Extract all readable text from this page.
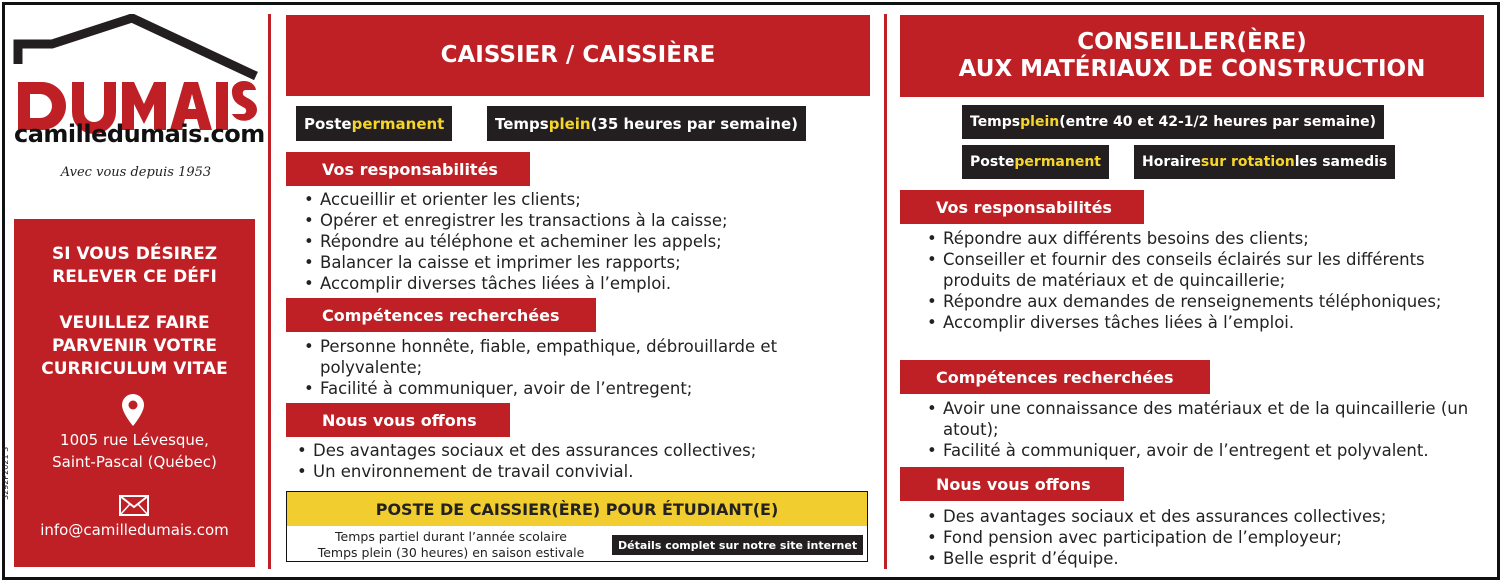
camilledumais.com
Avec vous depuis 1953
SI VOUS DÉSIREZ
RELEVER CE DÉFI
VEUILLEZ FAIRE
PARVENIR VOTRE
CURRICULUM VITAE
1005 rue Lévesque,
Saint-Pascal (Québec)
info@camilledumais.com
3292P2021 3
CAISSIER / CAISSIÈRE
Poste permanent	Temps plein (35 heures par semaine)
Vos responsabilités
• Accueillir et orienter les clients;
• Opérer et enregistrer les transactions à la caisse;
• Répondre au téléphone et acheminer les appels;
• Balancer la caisse et imprimer les rapports;
• Accomplir diverses tâches liées à l’emploi.
Compétences recherchées
• Personne honnête, fiable, empathique, débrouillarde et polyvalente;
• Facilité à communiquer, avoir de l’entregent;
Nous vous offons
• Des avantages sociaux et des assurances collectives;
• Un environnement de travail convivial.
POSTE DE CAISSIER(ÈRE) POUR ÉTUDIANT(E)
Temps partiel durant l’année scolaire
Temps plein (30 heures) en saison estivale	Détails complet sur notre site internet
CONSEILLER(ÈRE)
AUX MATÉRIAUX DE CONSTRUCTION
Temps plein (entre 40 et 42-1/2 heures par semaine)
Poste permanent	Horaire sur rotation les samedis
Vos responsabilités
• Répondre aux différents besoins des clients;
• Conseiller et fournir des conseils éclairés sur les différents produits de matériaux et de quincaillerie;
• Répondre aux demandes de renseignements téléphoniques;
• Accomplir diverses tâches liées à l’emploi.
Compétences recherchées
• Avoir une connaissance des matériaux et de la quincaillerie (un atout);
• Facilité à communiquer, avoir de l’entregent et polyvalent.
Nous vous offons
• Des avantages sociaux et des assurances collectives;
• Fond pension avec participation de l’employeur;
• Belle esprit d’équipe.
